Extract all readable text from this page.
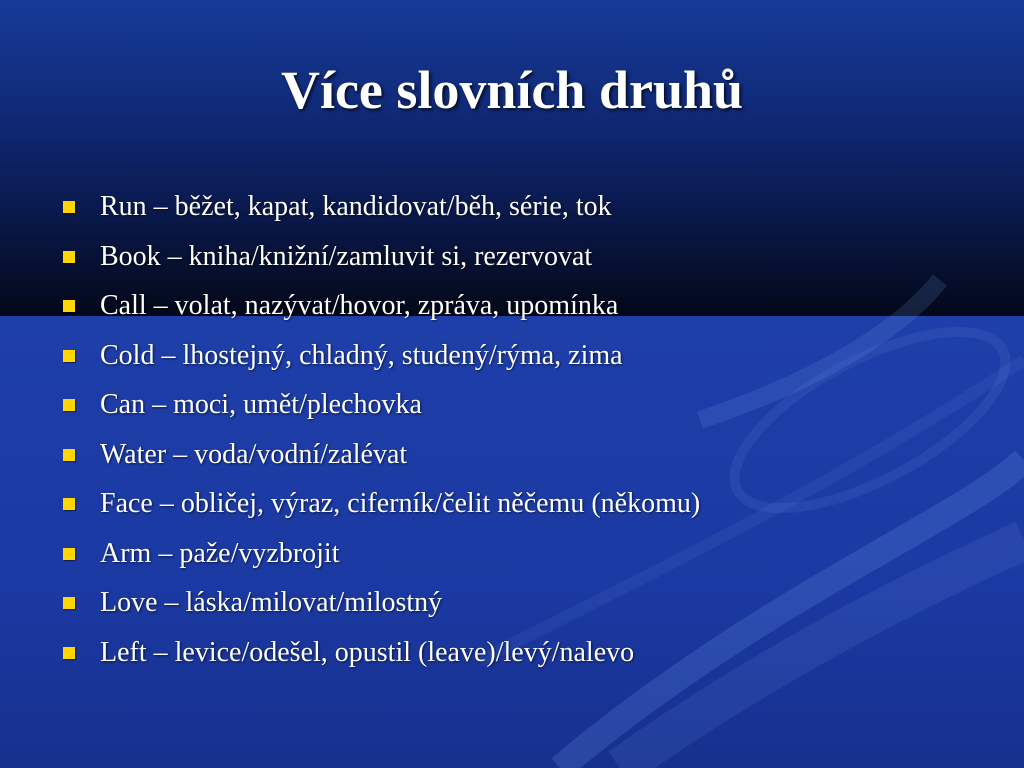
Více slovních druhů
Run – běžet, kapat, kandidovat/běh, série, tok
Book – kniha/knižní/zamluvit si, rezervovat
Call – volat, nazývat/hovor, zpráva, upomínka
Cold – lhostejný, chladný, studený/rýma, zima
Can – moci, umět/plechovka
Water – voda/vodní/zalévat
Face – obličej, výraz, ciferník/čelit něčemu (někomu)
Arm – paže/vyzbrojit
Love – láska/milovat/milostný
Left – levice/odešel, opustil (leave)/levý/nalevo
